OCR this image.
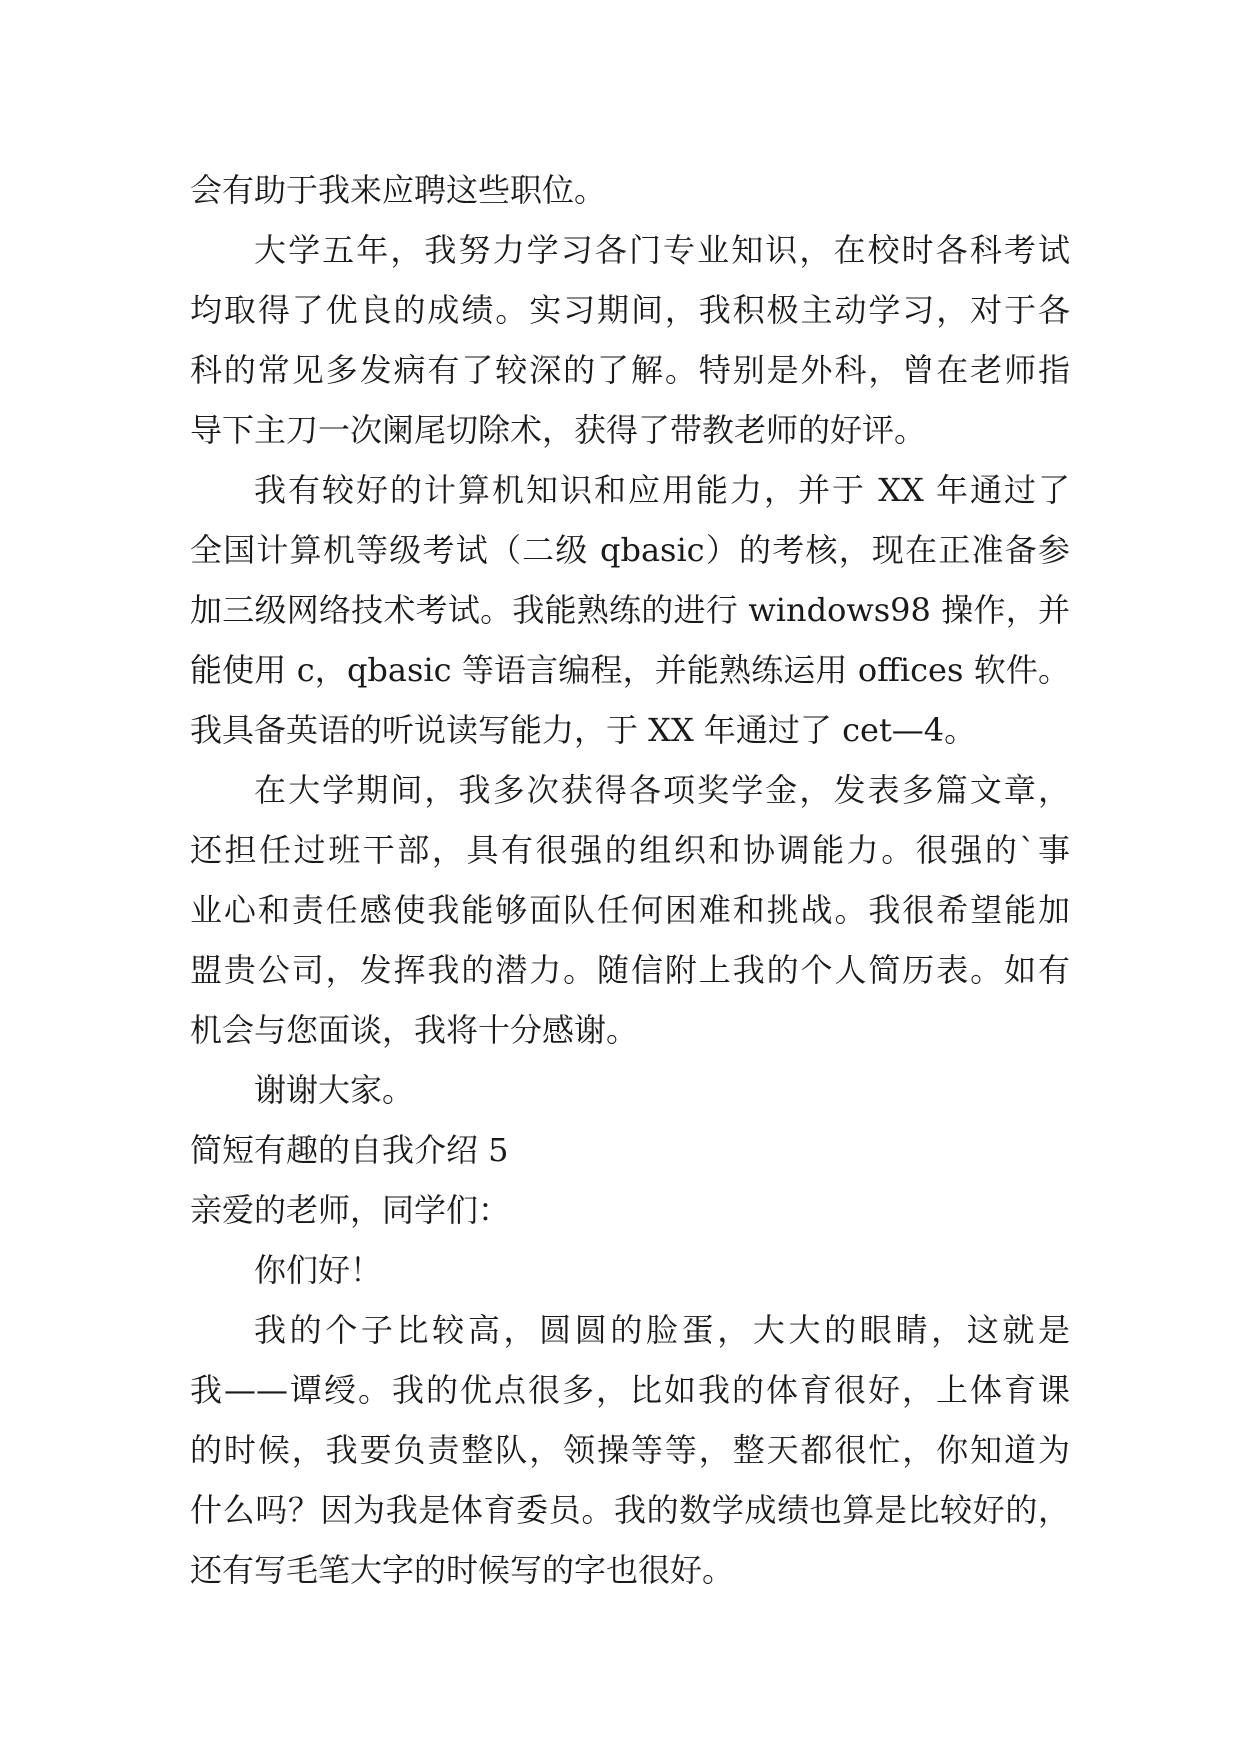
会有助于我来应聘这些职位。
大学五年，我努力学习各门专业知识，在校时各科考试
均取得了优良的成绩。实习期间，我积极主动学习，对于各
科的常见多发病有了较深的了解。特别是外科，曾在老师指
导下主刀一次阑尾切除术，获得了带教老师的好评。
我有较好的计算机知识和应用能力，并于 XX 年通过了
全国计算机等级考试（二级 qbasic）的考核，现在正准备参
加三级网络技术考试。我能熟练的进行 windows98 操作，并
能使用 c，qbasic 等语言编程，并能熟练运用 offices 软件。
我具备英语的听说读写能力，于 XX 年通过了 cet—4。
在大学期间，我多次获得各项奖学金，发表多篇文章，
还担任过班干部，具有很强的组织和协调能力。很强的`事
业心和责任感使我能够面队任何困难和挑战。我很希望能加
盟贵公司，发挥我的潜力。随信附上我的个人简历表。如有
机会与您面谈，我将十分感谢。
谢谢大家。
简短有趣的自我介绍 5
亲爱的老师，同学们：
你们好！
我的个子比较高，圆圆的脸蛋，大大的眼睛，这就是
我——谭绶。我的优点很多，比如我的体育很好，上体育课
的时候，我要负责整队，领操等等，整天都很忙，你知道为
什么吗？因为我是体育委员。我的数学成绩也算是比较好的，
还有写毛笔大字的时候写的字也很好。
